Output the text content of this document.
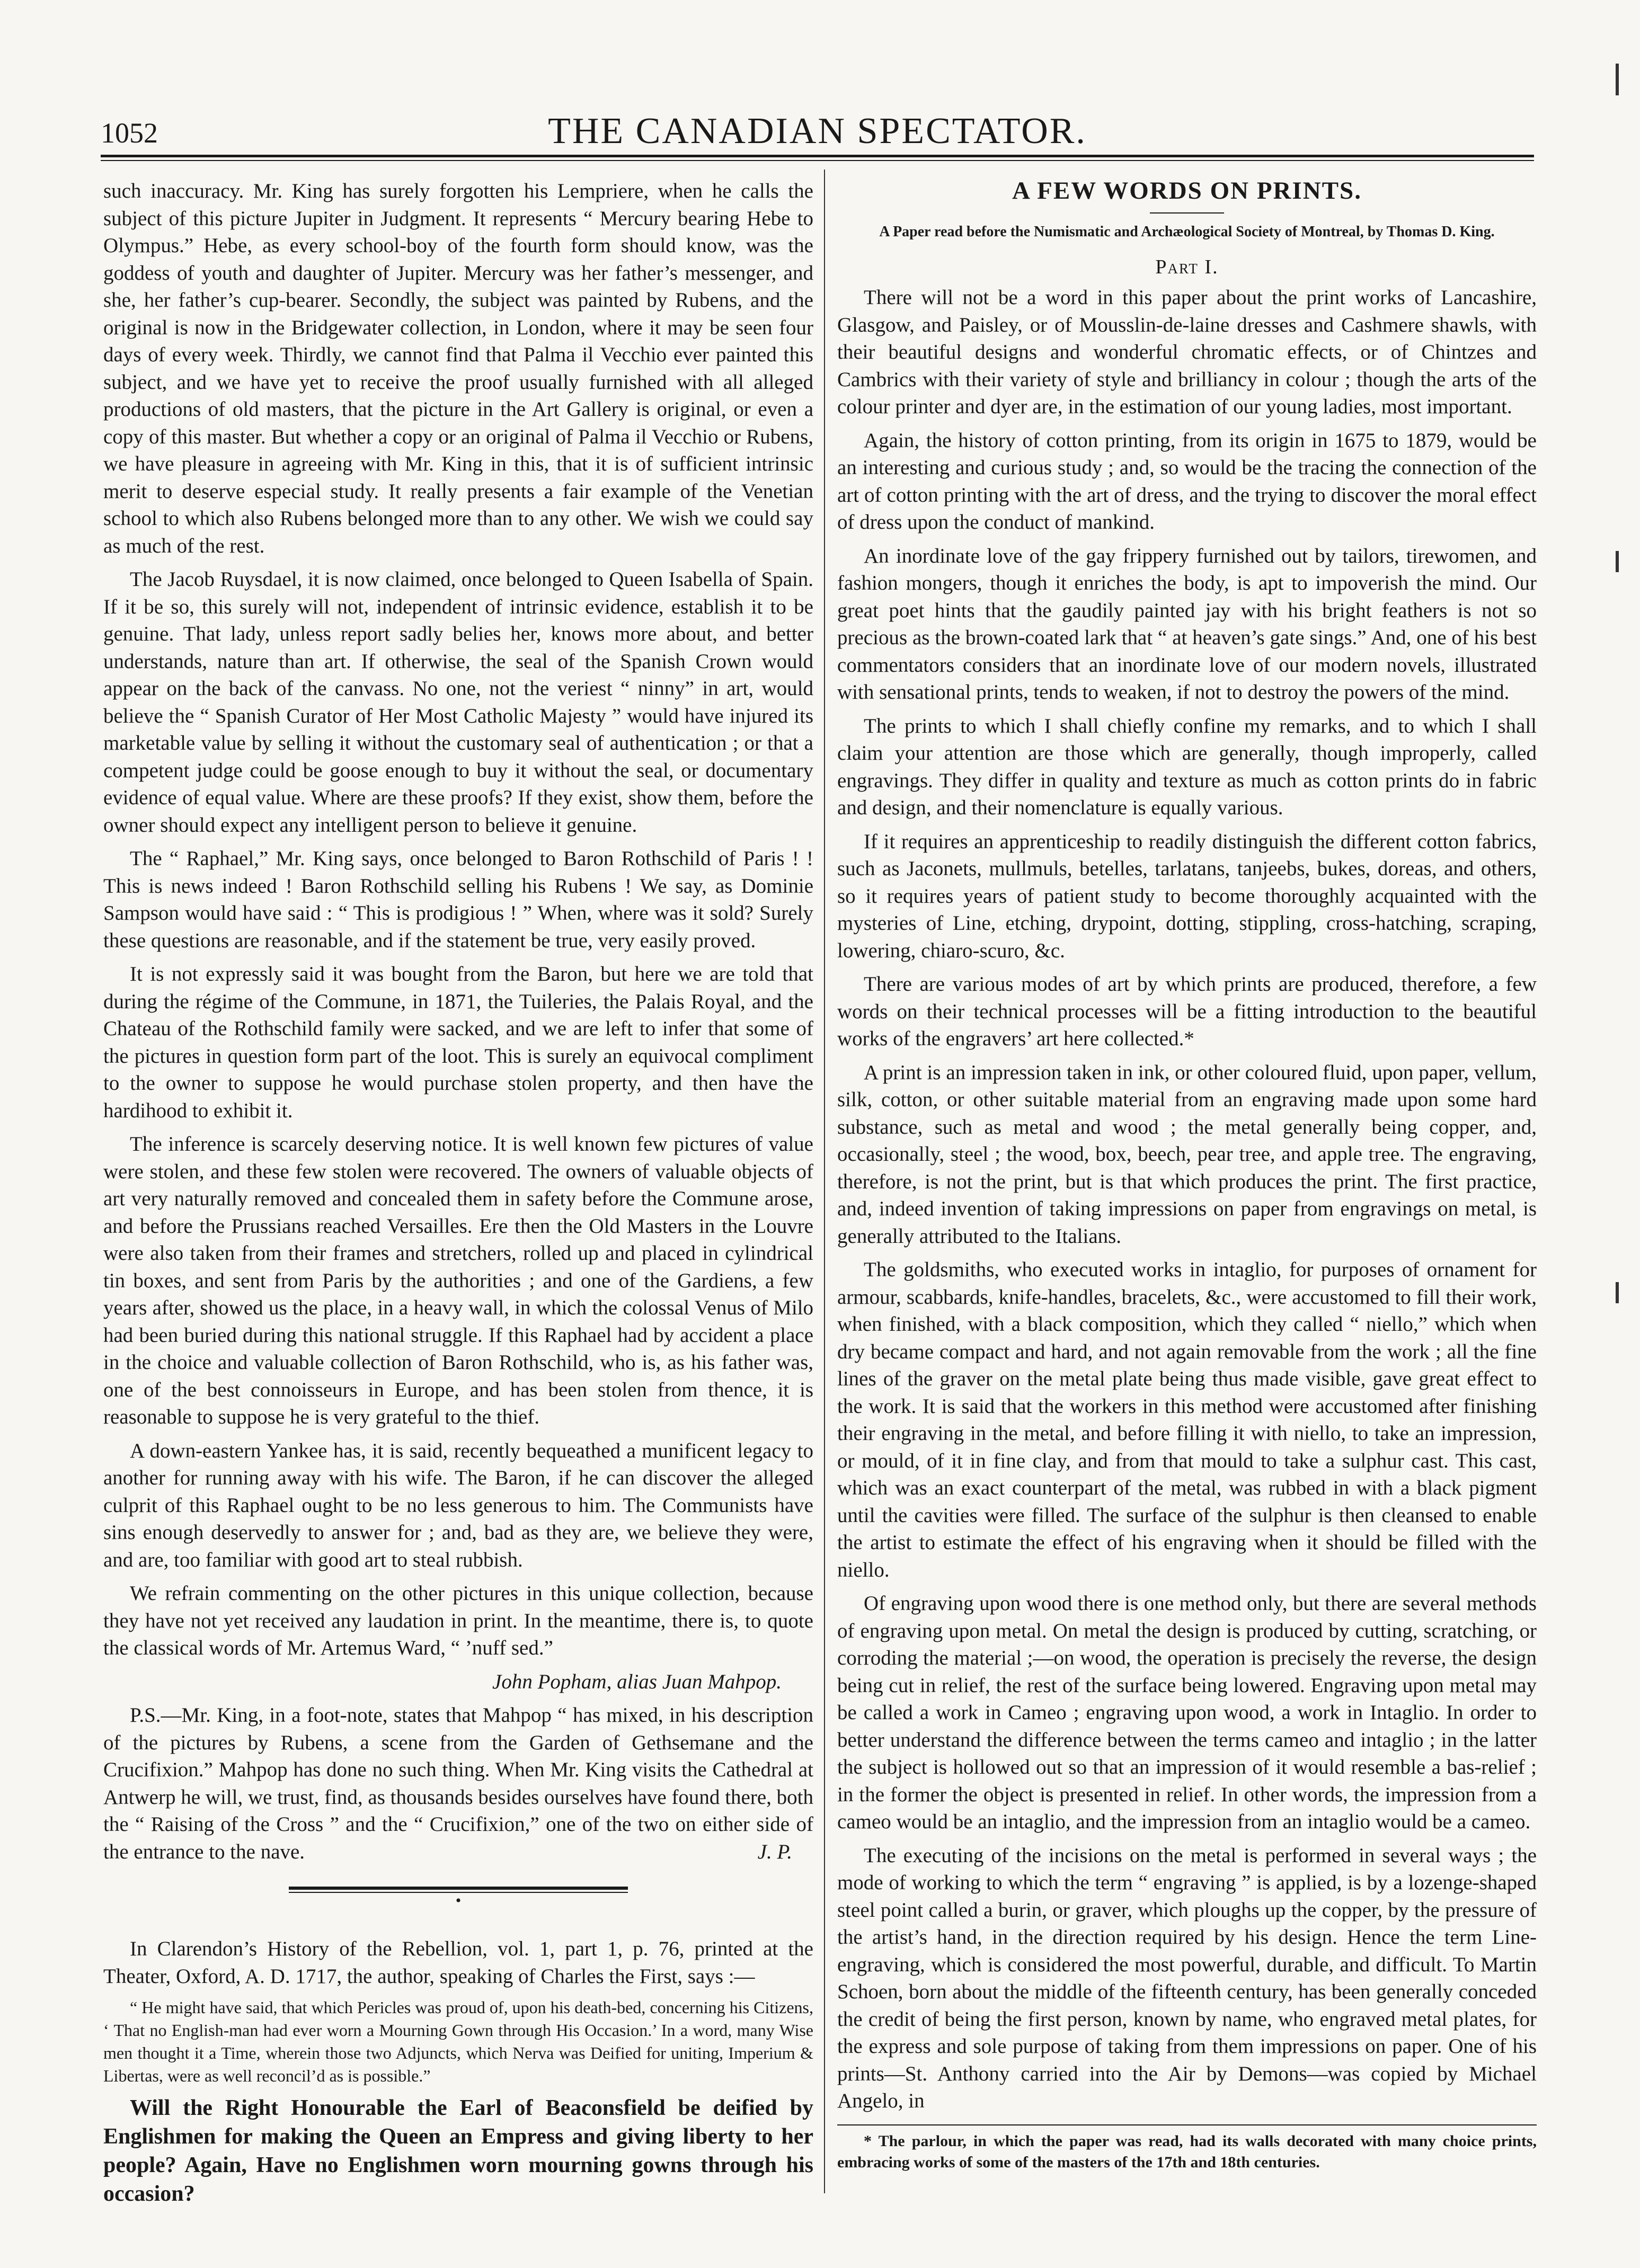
1052	THE CANADIAN SPECTATOR.

such inaccuracy. Mr. King has surely forgotten his Lempriere, when he calls the subject of this picture Jupiter in Judgment. It represents “ Mercury bearing Hebe to Olympus.” Hebe, as every school-boy of the fourth form should know, was the goddess of youth and daughter of Jupiter. Mercury was her father’s messenger, and she, her father’s cup-bearer. Secondly, the subject was painted by Rubens, and the original is now in the Bridgewater collection, in London, where it may be seen four days of every week. Thirdly, we cannot find that Palma il Vecchio ever painted this subject, and we have yet to receive the proof usually furnished with all alleged productions of old masters, that the picture in the Art Gallery is original, or even a copy of this master. But whether a copy or an original of Palma il Vecchio or Rubens, we have pleasure in agreeing with Mr. King in this, that it is of sufficient intrinsic merit to deserve especial study. It really presents a fair example of the Venetian school to which also Rubens belonged more than to any other. We wish we could say as much of the rest.

The Jacob Ruysdael, it is now claimed, once belonged to Queen Isabella of Spain. If it be so, this surely will not, independent of intrinsic evidence, establish it to be genuine. That lady, unless report sadly belies her, knows more about, and better understands, nature than art. If otherwise, the seal of the Spanish Crown would appear on the back of the canvass. No one, not the veriest “ ninny” in art, would believe the “ Spanish Curator of Her Most Catholic Majesty ” would have injured its marketable value by selling it without the customary seal of authentication ; or that a competent judge could be goose enough to buy it without the seal, or documentary evidence of equal value. Where are these proofs? If they exist, show them, before the owner should expect any intelligent person to believe it genuine.

The “ Raphael,” Mr. King says, once belonged to Baron Rothschild of Paris ! ! This is news indeed ! Baron Rothschild selling his Rubens ! We say, as Dominie Sampson would have said : “ This is prodigious ! ” When, where was it sold? Surely these questions are reasonable, and if the statement be true, very easily proved.

It is not expressly said it was bought from the Baron, but here we are told that during the régime of the Commune, in 1871, the Tuileries, the Palais Royal, and the Chateau of the Rothschild family were sacked, and we are left to infer that some of the pictures in question form part of the loot. This is surely an equivocal compliment to the owner to suppose he would purchase stolen property, and then have the hardihood to exhibit it.

The inference is scarcely deserving notice. It is well known few pictures of value were stolen, and these few stolen were recovered. The owners of valuable objects of art very naturally removed and concealed them in safety before the Commune arose, and before the Prussians reached Versailles. Ere then the Old Masters in the Louvre were also taken from their frames and stretchers, rolled up and placed in cylindrical tin boxes, and sent from Paris by the authorities ; and one of the Gardiens, a few years after, showed us the place, in a heavy wall, in which the colossal Venus of Milo had been buried during this national struggle. If this Raphael had by accident a place in the choice and valuable collection of Baron Rothschild, who is, as his father was, one of the best connoisseurs in Europe, and has been stolen from thence, it is reasonable to suppose he is very grateful to the thief.

A down-eastern Yankee has, it is said, recently bequeathed a munificent legacy to another for running away with his wife. The Baron, if he can discover the alleged culprit of this Raphael ought to be no less generous to him. The Communists have sins enough deservedly to answer for ; and, bad as they are, we believe they were, and are, too familiar with good art to steal rubbish.

We refrain commenting on the other pictures in this unique collection, because they have not yet received any laudation in print. In the meantime, there is, to quote the classical words of Mr. Artemus Ward, “ ’nuff sed.”

John Popham, alias Juan Mahpop.

P.S.—Mr. King, in a foot-note, states that Mahpop “ has mixed, in his description of the pictures by Rubens, a scene from the Garden of Gethsemane and the Crucifixion.” Mahpop has done no such thing. When Mr. King visits the Cathedral at Antwerp he will, we trust, find, as thousands besides ourselves have found there, both the “ Raising of the Cross ” and the “ Crucifixion,” one of the two on either side of the entrance to the nave.	J. P.

•

In Clarendon’s History of the Rebellion, vol. 1, part 1, p. 76, printed at the Theater, Oxford, A. D. 1717, the author, speaking of Charles the First, says :—

“ He might have said, that which Pericles was proud of, upon his death-bed, concerning his Citizens, ‘ That no English-man had ever worn a Mourning Gown through His Occasion.’ In a word, many Wise men thought it a Time, wherein those two Adjuncts, which Nerva was Deified for uniting, Imperium & Libertas, were as well reconcil’d as is possible.”

Will the Right Honourable the Earl of Beaconsfield be deified by Englishmen for making the Queen an Empress and giving liberty to her people? Again, Have no Englishmen worn mourning gowns through his occasion?

A FEW WORDS ON PRINTS.
A Paper read before the Numismatic and Archæological Society of Montreal, by Thomas D. King.
Part I.

There will not be a word in this paper about the print works of Lancashire, Glasgow, and Paisley, or of Mousslin-de-laine dresses and Cashmere shawls, with their beautiful designs and wonderful chromatic effects, or of Chintzes and Cambrics with their variety of style and brilliancy in colour ; though the arts of the colour printer and dyer are, in the estimation of our young ladies, most important.

Again, the history of cotton printing, from its origin in 1675 to 1879, would be an interesting and curious study ; and, so would be the tracing the connection of the art of cotton printing with the art of dress, and the trying to discover the moral effect of dress upon the conduct of mankind.

An inordinate love of the gay frippery furnished out by tailors, tirewomen, and fashion mongers, though it enriches the body, is apt to impoverish the mind. Our great poet hints that the gaudily painted jay with his bright feathers is not so precious as the brown-coated lark that “ at heaven’s gate sings.” And, one of his best commentators considers that an inordinate love of our modern novels, illustrated with sensational prints, tends to weaken, if not to destroy the powers of the mind.

The prints to which I shall chiefly confine my remarks, and to which I shall claim your attention are those which are generally, though improperly, called engravings. They differ in quality and texture as much as cotton prints do in fabric and design, and their nomenclature is equally various.

If it requires an apprenticeship to readily distinguish the different cotton fabrics, such as Jaconets, mullmuls, betelles, tarlatans, tanjeebs, bukes, doreas, and others, so it requires years of patient study to become thoroughly acquainted with the mysteries of Line, etching, drypoint, dotting, stippling, cross-hatching, scraping, lowering, chiaro-scuro, &c.

There are various modes of art by which prints are produced, therefore, a few words on their technical processes will be a fitting introduction to the beautiful works of the engravers’ art here collected.*

A print is an impression taken in ink, or other coloured fluid, upon paper, vellum, silk, cotton, or other suitable material from an engraving made upon some hard substance, such as metal and wood ; the metal generally being copper, and, occasionally, steel ; the wood, box, beech, pear tree, and apple tree. The engraving, therefore, is not the print, but is that which produces the print. The first practice, and, indeed invention of taking impressions on paper from engravings on metal, is generally attributed to the Italians.

The goldsmiths, who executed works in intaglio, for purposes of ornament for armour, scabbards, knife-handles, bracelets, &c., were accustomed to fill their work, when finished, with a black composition, which they called “ niello,” which when dry became compact and hard, and not again removable from the work ; all the fine lines of the graver on the metal plate being thus made visible, gave great effect to the work. It is said that the workers in this method were accustomed after finishing their engraving in the metal, and before filling it with niello, to take an impression, or mould, of it in fine clay, and from that mould to take a sulphur cast. This cast, which was an exact counterpart of the metal, was rubbed in with a black pigment until the cavities were filled. The surface of the sulphur is then cleansed to enable the artist to estimate the effect of his engraving when it should be filled with the niello.

Of engraving upon wood there is one method only, but there are several methods of engraving upon metal. On metal the design is produced by cutting, scratching, or corroding the material ;—on wood, the operation is precisely the reverse, the design being cut in relief, the rest of the surface being lowered. Engraving upon metal may be called a work in Cameo ; engraving upon wood, a work in Intaglio. In order to better understand the difference between the terms cameo and intaglio ; in the latter the subject is hollowed out so that an impression of it would resemble a bas-relief ; in the former the object is presented in relief. In other words, the impression from a cameo would be an intaglio, and the impression from an intaglio would be a cameo.

The executing of the incisions on the metal is performed in several ways ; the mode of working to which the term “ engraving ” is applied, is by a lozenge-shaped steel point called a burin, or graver, which ploughs up the copper, by the pressure of the artist’s hand, in the direction required by his design. Hence the term Line-engraving, which is considered the most powerful, durable, and difficult. To Martin Schoen, born about the middle of the fifteenth century, has been generally conceded the credit of being the first person, known by name, who engraved metal plates, for the express and sole purpose of taking from them impressions on paper. One of his prints—St. Anthony carried into the Air by Demons—was copied by Michael Angelo, in

* The parlour, in which the paper was read, had its walls decorated with many choice prints, embracing works of some of the masters of the 17th and 18th centuries.
